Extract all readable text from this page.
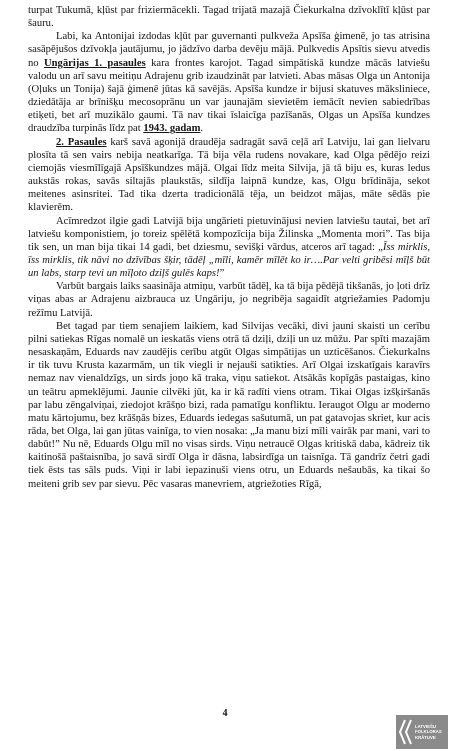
turpat Tukumā, kļūst par friziermācekli. Tagad trijatā mazajā Čiekurkalna dzīvoklītī kļūst par šauru.

Labi, ka Antonijai izdodas kļūt par guvernanti pulkveža Apsīša ģimenē, jo tas atrisina sasāpējušos dzīvokļa jautājumu, jo jādzīvo darba devēju mājā. Pulkvedis Apsītis sievu atvedis no Ungārijas 1. pasaules kara frontes karojot. Tagad simpātiskā kundze mācās latviešu valodu un arī savu meitiņu Adrajenu grib izaudzināt par latvieti. Abas māsas Olga un Antonija (Oļuks un Tonija) šajā ģimenē jūtas kā savējās. Apsīša kundze ir bijusi skatuves māksliniece, dziedātāja ar brīnišķu mecosoprānu un var jaunajām sievietēm iemācīt nevien sabiedrības etiķeti, bet arī muzikālo gaumi. Tā nav tikai īslaicīga pazīšanās, Olgas un Apsīša kundzes draudzība turpinās līdz pat 1943. gadam.

2. Pasaules karš savā agonijā draudēja sadragāt savā ceļā arī Latviju, lai gan lielvaru plosīta tā sen vairs nebija neatkarīga. Tā bija vēla rudens novakare, kad Olga pēdējo reizi ciemojās viesmīlīgajā Apsīškundzes mājā. Olgai līdz meita Silvija, jā tā biju es, kuras ledus aukstās rokas, savās siltajās plaukstās, sildīja laipnā kundze, kas, Olgu brīdināja, sekot meitenes asinsritei. Tad tika dzerta tradicionālā tēja, un beidzot mājas, māte sēdās pie klavierēm.

Acīmredzot ilgie gadi Latvijā bija ungārieti pietuvinājusi nevien latviešu tautai, bet arī latviešu komponistiem, jo toreiz spēlētā kompozīcija bija Žilinska „Momenta mori”. Tas bija tik sen, un man bija tikai 14 gadi, bet dziesmu, sevišķi vārdus, atceros arī tagad: „Īss mirklis, īss mirklis, tik nāvi no dzīvības šķir, tādēļ „mīli, kamēr mīlēt ko ir….Par velti gribēsi mīļš būt un labs, starp tevi un mīļoto dziļš gulēs kaps!”

Varbūt bargais laiks saasināja atmiņu, varbūt tādēļ, ka tā bija pēdējā tikšanās, jo ļoti drīz viņas abas ar Adrajenu aizbrauca uz Ungāriju, jo negribēja sagaidīt atgriežamies Padomju režīmu Latvijā.

Bet tagad par tiem senajiem laikiem, kad Silvijas vecāki, divi jauni skaisti un cerību pilni satiekas Rīgas nomalē un ieskatās viens otrā tā dziļi, dziļi un uz mūžu. Par spīti mazajām nesaskaņām, Eduards nav zaudējis cerību atgūt Olgas simpātijas un uzticēšanos. Čiekurkalns ir tik tuvu Krusta kazarmām, un tik viegli ir nejauši satikties. Arī Olgai izskatīgais karavīrs nemaz nav vienaldzīgs, un sirds joņo kā traka, viņu satiekot. Atsākās kopīgās pastaigas, kino un teātru apmeklējumi. Jaunie cilvēki jūt, ka ir kā radīti viens otram. Tikai Olgas izšķiršanās par labu zēngalviņai, ziedojot krāšņo bizi, rada pamatīgu konfliktu. Ieraugot Olgu ar moderno matu kārtojumu, bez krāšņās bizes, Eduards iedegas sašutumā, un pat gatavojas skriet, kur acis rāda, bet Olga, lai gan jūtas vainīga, to vien nosaka: „Ja manu bizi mīli vairāk par mani, vari to dabūt!” Nu nē, Eduards Olgu mīl no visas sirds. Viņu netraucē Olgas kritiskā daba, kādreiz tik kaitinošā paštaisnība, jo savā sirdī Olga ir dāsna, labsirdīga un taisnīga. Tā gandrīz četri gadi tiek ēsts tas sāls puds. Viņi ir labi iepazinuši viens otru, un Eduards nešaubās, ka tikai šo meiteni grib sev par sievu. Pēc vasaras manevriem, atgriežoties Rīgā,

4
LATVIEŠU
FOLKLORAS
KRĀTUVE
